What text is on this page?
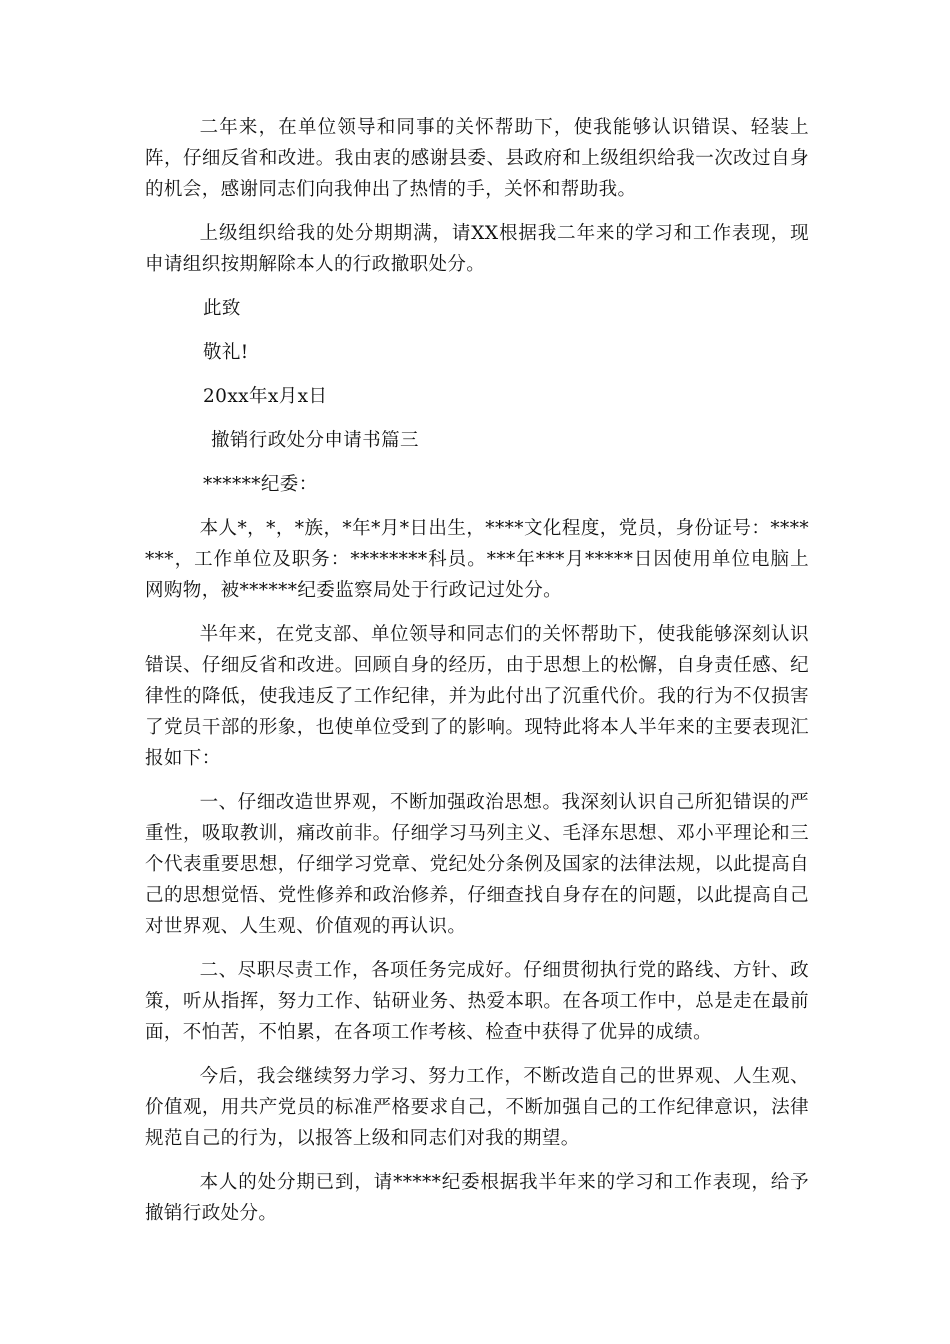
二年来，在单位领导和同事的关怀帮助下，使我能够认识错误、轻装上阵，仔细反省和改进。我由衷的感谢县委、县政府和上级组织给我一次改过自身的机会，感谢同志们向我伸出了热情的手，关怀和帮助我。

上级组织给我的处分期期满，请XX根据我二年来的学习和工作表现，现申请组织按期解除本人的行政撤职处分。

此致

敬礼!

20xx年x月x日

撤销行政处分申请书篇三

******纪委：

本人*，*，*族，*年*月*日出生，****文化程度，党员，身份证号：*******，工作单位及职务：********科员。***年***月*****日因使用单位电脑上网购物，被******纪委监察局处于行政记过处分。

半年来，在党支部、单位领导和同志们的关怀帮助下，使我能够深刻认识错误、仔细反省和改进。回顾自身的经历，由于思想上的松懈，自身责任感、纪律性的降低，使我违反了工作纪律，并为此付出了沉重代价。我的行为不仅损害了党员干部的形象，也使单位受到了的影响。现特此将本人半年来的主要表现汇报如下：

一、仔细改造世界观，不断加强政治思想。我深刻认识自己所犯错误的严重性，吸取教训，痛改前非。仔细学习马列主义、毛泽东思想、邓小平理论和三个代表重要思想，仔细学习党章、党纪处分条例及国家的法律法规，以此提高自己的思想觉悟、党性修养和政治修养，仔细查找自身存在的问题，以此提高自己对世界观、人生观、价值观的再认识。

二、尽职尽责工作，各项任务完成好。仔细贯彻执行党的路线、方针、政策，听从指挥，努力工作、钻研业务、热爱本职。在各项工作中，总是走在最前面，不怕苦，不怕累，在各项工作考核、检查中获得了优异的成绩。

今后，我会继续努力学习、努力工作，不断改造自己的世界观、人生观、价值观，用共产党员的标准严格要求自己，不断加强自己的工作纪律意识，法律规范自己的行为，以报答上级和同志们对我的期望。

本人的处分期已到，请*****纪委根据我半年来的学习和工作表现，给予撤销行政处分。
